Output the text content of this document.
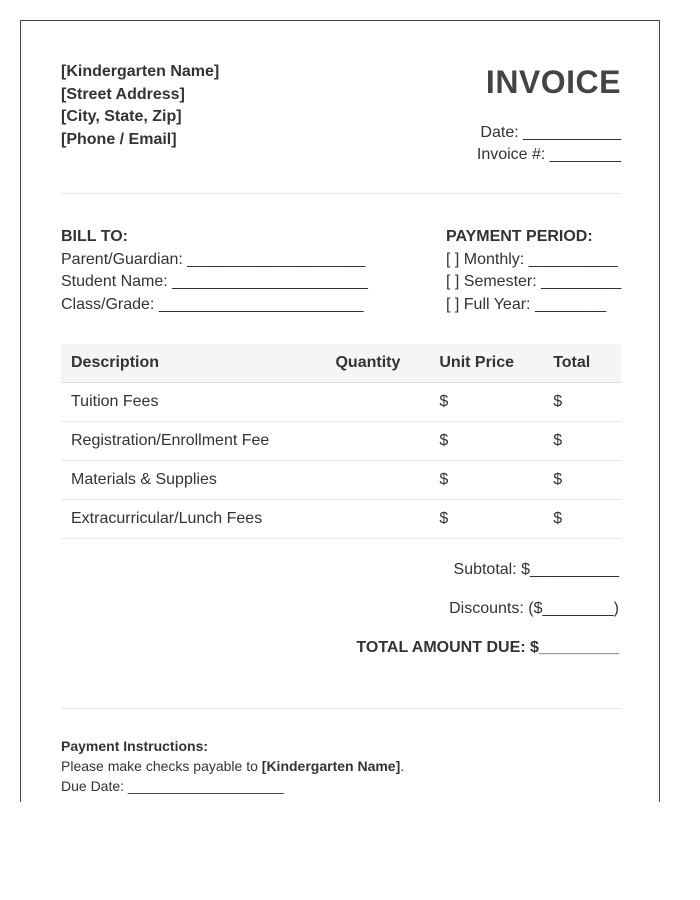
[Kindergarten Name]
[Street Address]
[City, State, Zip]
[Phone / Email]
INVOICE
Date: ___________
Invoice #: ________
BILL TO:
Parent/Guardian: ____________________
Student Name: ______________________
Class/Grade: _______________________
PAYMENT PERIOD:
[ ] Monthly: __________
[ ] Semester: _________
[ ] Full Year: ________
Description	Quantity	Unit Price	Total
Tuition Fees		$	$
Registration/Enrollment Fee		$	$
Materials & Supplies		$	$
Extracurricular/Lunch Fees		$	$
Subtotal: $__________
Discounts: ($________)
TOTAL AMOUNT DUE: $_________
Payment Instructions:
Please make checks payable to [Kindergarten Name].
Due Date: ____________________
